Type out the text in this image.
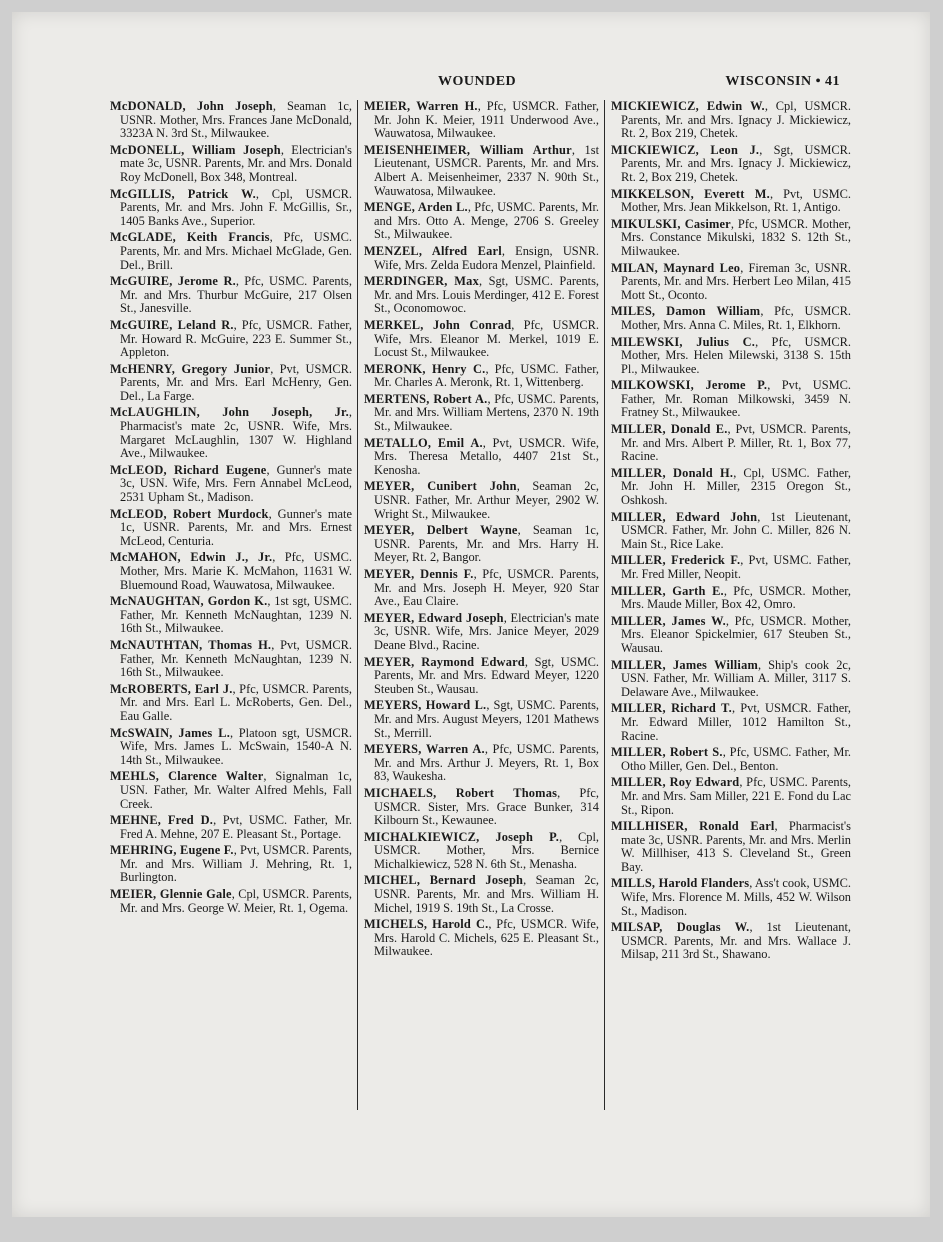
WOUNDED	WISCONSIN • 41
McDONALD, John Joseph, Seaman 1c, USNR. Mother, Mrs. Frances Jane McDonald, 3323A N. 3rd St., Milwaukee.
McDONELL, William Joseph, Electrician's mate 3c, USNR. Parents, Mr. and Mrs. Donald Roy McDonell, Box 348, Montreal.
McGILLIS, Patrick W., Cpl, USMCR. Parents, Mr. and Mrs. John F. McGillis, Sr., 1405 Banks Ave., Superior.
McGLADE, Keith Francis, Pfc, USMC. Parents, Mr. and Mrs. Michael McGlade, Gen. Del., Brill.
McGUIRE, Jerome R., Pfc, USMC. Parents, Mr. and Mrs. Thurbur McGuire, 217 Olsen St., Janesville.
McGUIRE, Leland R., Pfc, USMCR. Father, Mr. Howard R. McGuire, 223 E. Summer St., Appleton.
McHENRY, Gregory Junior, Pvt, USMCR. Parents, Mr. and Mrs. Earl McHenry, Gen. Del., La Farge.
McLAUGHLIN, John Joseph, Jr., Pharmacist's mate 2c, USNR. Wife, Mrs. Margaret McLaughlin, 1307 W. Highland Ave., Milwaukee.
McLEOD, Richard Eugene, Gunner's mate 3c, USN. Wife, Mrs. Fern Annabel McLeod, 2531 Upham St., Madison.
McLEOD, Robert Murdock, Gunner's mate 1c, USNR. Parents, Mr. and Mrs. Ernest McLeod, Centuria.
McMAHON, Edwin J., Jr., Pfc, USMC. Mother, Mrs. Marie K. McMahon, 11631 W. Bluemound Road, Wauwatosa, Milwaukee.
McNAUGHTAN, Gordon K., 1st sgt, USMC. Father, Mr. Kenneth McNaughtan, 1239 N. 16th St., Milwaukee.
McNAUTHTAN, Thomas H., Pvt, USMCR. Father, Mr. Kenneth McNaughtan, 1239 N. 16th St., Milwaukee.
McROBERTS, Earl J., Pfc, USMCR. Parents, Mr. and Mrs. Earl L. McRoberts, Gen. Del., Eau Galle.
McSWAIN, James L., Platoon sgt, USMCR. Wife, Mrs. James L. McSwain, 1540-A N. 14th St., Milwaukee.
MEHLS, Clarence Walter, Signalman 1c, USN. Father, Mr. Walter Alfred Mehls, Fall Creek.
MEHNE, Fred D., Pvt, USMC. Father, Mr. Fred A. Mehne, 207 E. Pleasant St., Portage.
MEHRING, Eugene F., Pvt, USMCR. Parents, Mr. and Mrs. William J. Mehring, Rt. 1, Burlington.
MEIER, Glennie Gale, Cpl, USMCR. Parents, Mr. and Mrs. George W. Meier, Rt. 1, Ogema.
MEIER, Warren H., Pfc, USMCR. Father, Mr. John K. Meier, 1911 Underwood Ave., Wauwatosa, Milwaukee.
MEISENHEIMER, William Arthur, 1st Lieutenant, USMCR. Parents, Mr. and Mrs. Albert A. Meisenheimer, 2337 N. 90th St., Wauwatosa, Milwaukee.
MENGE, Arden L., Pfc, USMC. Parents, Mr. and Mrs. Otto A. Menge, 2706 S. Greeley St., Milwaukee.
MENZEL, Alfred Earl, Ensign, USNR. Wife, Mrs. Zelda Eudora Menzel, Plainfield.
MERDINGER, Max, Sgt, USMC. Parents, Mr. and Mrs. Louis Merdinger, 412 E. Forest St., Oconomowoc.
MERKEL, John Conrad, Pfc, USMCR. Wife, Mrs. Eleanor M. Merkel, 1019 E. Locust St., Milwaukee.
MERONK, Henry C., Pfc, USMC. Father, Mr. Charles A. Meronk, Rt. 1, Wittenberg.
MERTENS, Robert A., Pfc, USMC. Parents, Mr. and Mrs. William Mertens, 2370 N. 19th St., Milwaukee.
METALLO, Emil A., Pvt, USMCR. Wife, Mrs. Theresa Metallo, 4407 21st St., Kenosha.
MEYER, Cunibert John, Seaman 2c, USNR. Father, Mr. Arthur Meyer, 2902 W. Wright St., Milwaukee.
MEYER, Delbert Wayne, Seaman 1c, USNR. Parents, Mr. and Mrs. Harry H. Meyer, Rt. 2, Bangor.
MEYER, Dennis F., Pfc, USMCR. Parents, Mr. and Mrs. Joseph H. Meyer, 920 Star Ave., Eau Claire.
MEYER, Edward Joseph, Electrician's mate 3c, USNR. Wife, Mrs. Janice Meyer, 2029 Deane Blvd., Racine.
MEYER, Raymond Edward, Sgt, USMC. Parents, Mr. and Mrs. Edward Meyer, 1220 Steuben St., Wausau.
MEYERS, Howard L., Sgt, USMC. Parents, Mr. and Mrs. August Meyers, 1201 Mathews St., Merrill.
MEYERS, Warren A., Pfc, USMC. Parents, Mr. and Mrs. Arthur J. Meyers, Rt. 1, Box 83, Waukesha.
MICHAELS, Robert Thomas, Pfc, USMCR. Sister, Mrs. Grace Bunker, 314 Kilbourn St., Kewaunee.
MICHALKIEWICZ, Joseph P., Cpl, USMCR. Mother, Mrs. Bernice Michalkiewicz, 528 N. 6th St., Menasha.
MICHEL, Bernard Joseph, Seaman 2c, USNR. Parents, Mr. and Mrs. William H. Michel, 1919 S. 19th St., La Crosse.
MICHELS, Harold C., Pfc, USMCR. Wife, Mrs. Harold C. Michels, 625 E. Pleasant St., Milwaukee.
MICKIEWICZ, Edwin W., Cpl, USMCR. Parents, Mr. and Mrs. Ignacy J. Mickiewicz, Rt. 2, Box 219, Chetek.
MICKIEWICZ, Leon J., Sgt, USMCR. Parents, Mr. and Mrs. Ignacy J. Mickiewicz, Rt. 2, Box 219, Chetek.
MIKKELSON, Everett M., Pvt, USMC. Mother, Mrs. Jean Mikkelson, Rt. 1, Antigo.
MIKULSKI, Casimer, Pfc, USMCR. Mother, Mrs. Constance Mikulski, 1832 S. 12th St., Milwaukee.
MILAN, Maynard Leo, Fireman 3c, USNR. Parents, Mr. and Mrs. Herbert Leo Milan, 415 Mott St., Oconto.
MILES, Damon William, Pfc, USMCR. Mother, Mrs. Anna C. Miles, Rt. 1, Elkhorn.
MILEWSKI, Julius C., Pfc, USMCR. Mother, Mrs. Helen Milewski, 3138 S. 15th Pl., Milwaukee.
MILKOWSKI, Jerome P., Pvt, USMC. Father, Mr. Roman Milkowski, 3459 N. Fratney St., Milwaukee.
MILLER, Donald E., Pvt, USMCR. Parents, Mr. and Mrs. Albert P. Miller, Rt. 1, Box 77, Racine.
MILLER, Donald H., Cpl, USMC. Father, Mr. John H. Miller, 2315 Oregon St., Oshkosh.
MILLER, Edward John, 1st Lieutenant, USMCR. Father, Mr. John C. Miller, 826 N. Main St., Rice Lake.
MILLER, Frederick F., Pvt, USMC. Father, Mr. Fred Miller, Neopit.
MILLER, Garth E., Pfc, USMCR. Mother, Mrs. Maude Miller, Box 42, Omro.
MILLER, James W., Pfc, USMCR. Mother, Mrs. Eleanor Spickelmier, 617 Steuben St., Wausau.
MILLER, James William, Ship's cook 2c, USN. Father, Mr. William A. Miller, 3117 S. Delaware Ave., Milwaukee.
MILLER, Richard T., Pvt, USMCR. Father, Mr. Edward Miller, 1012 Hamilton St., Racine.
MILLER, Robert S., Pfc, USMC. Father, Mr. Otho Miller, Gen. Del., Benton.
MILLER, Roy Edward, Pfc, USMC. Parents, Mr. and Mrs. Sam Miller, 221 E. Fond du Lac St., Ripon.
MILLHISER, Ronald Earl, Pharmacist's mate 3c, USNR. Parents, Mr. and Mrs. Merlin W. Millhiser, 413 S. Cleveland St., Green Bay.
MILLS, Harold Flanders, Ass't cook, USMC. Wife, Mrs. Florence M. Mills, 452 W. Wilson St., Madison.
MILSAP, Douglas W., 1st Lieutenant, USMCR. Parents, Mr. and Mrs. Wallace J. Milsap, 211 3rd St., Shawano.
